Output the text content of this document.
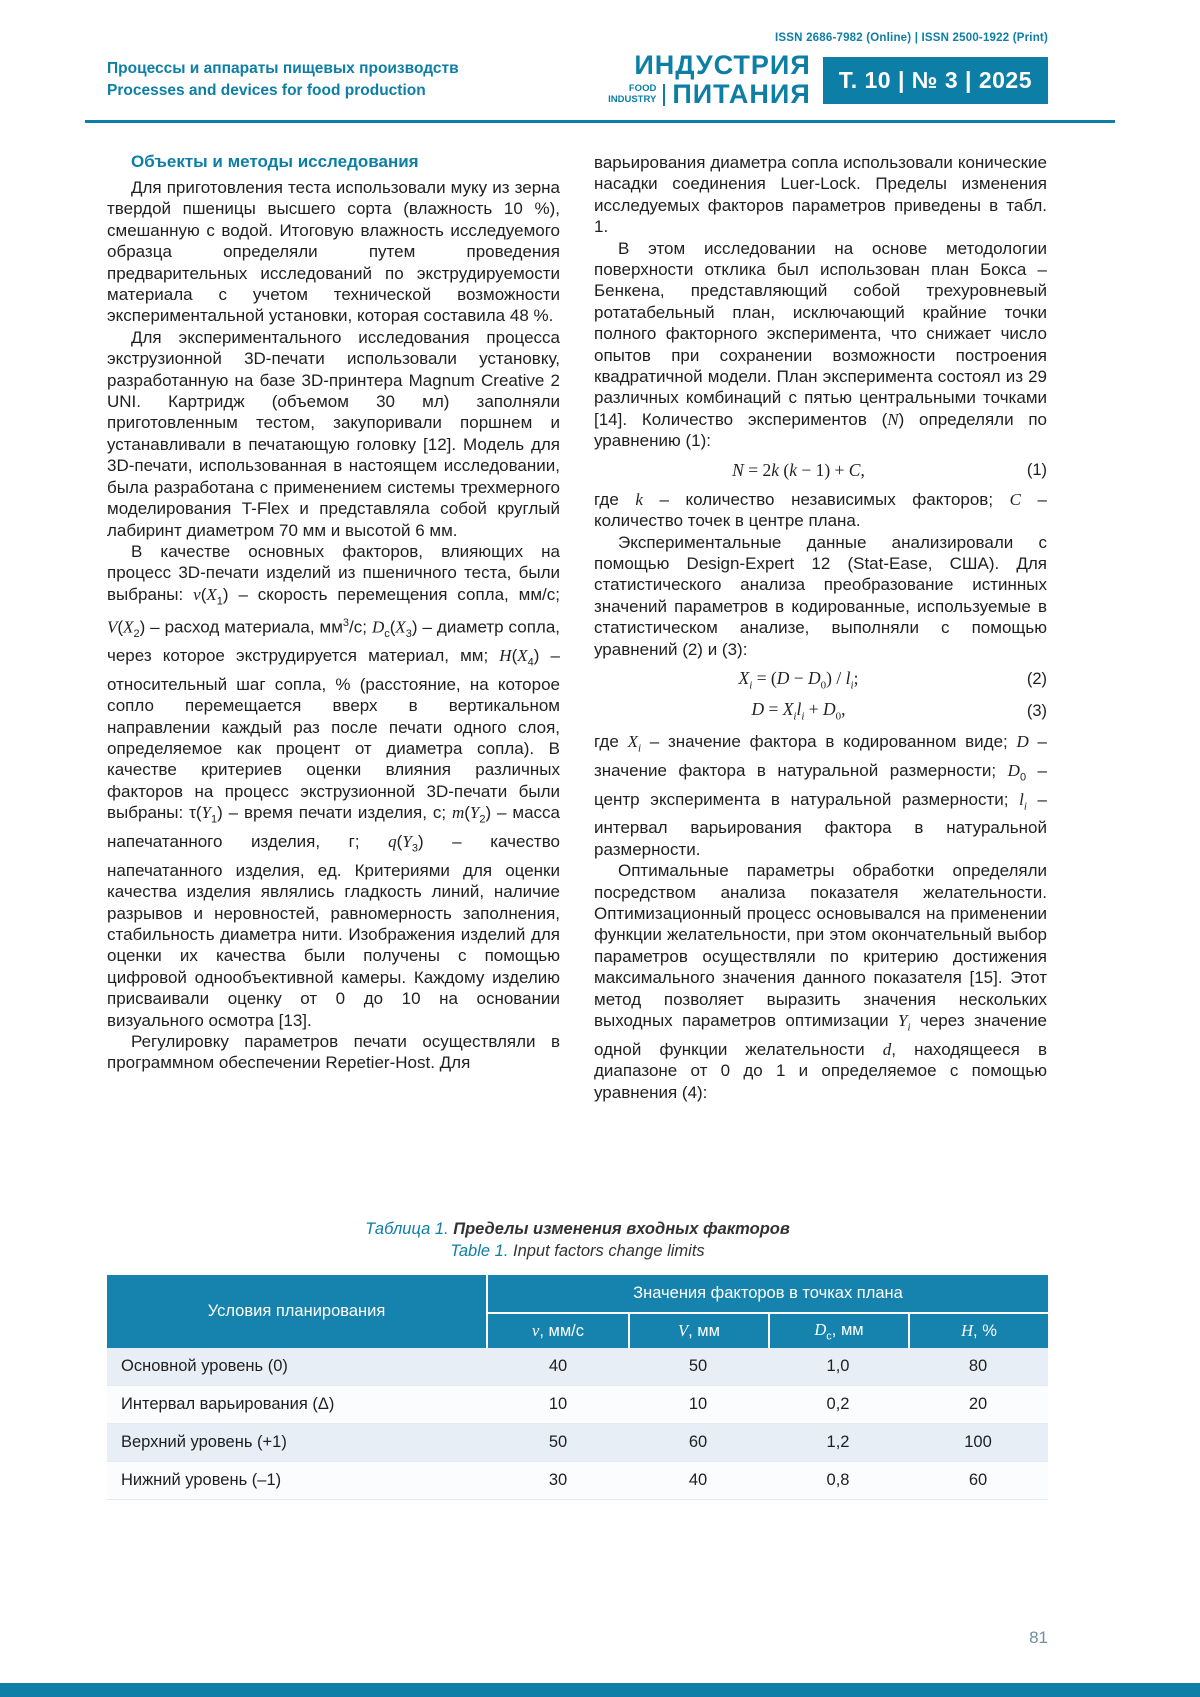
ISSN 2686-7982 (Online) | ISSN 2500-1922 (Print)
Процессы и аппараты пищевых производств
Processes and devices for food production
ИНДУСТРИЯ
FOOD
INDUSTRY ПИТАНИЯ	Т. 10 | № 3 | 2025
Объекты и методы исследования

Для приготовления теста использовали муку из зерна твердой пшеницы высшего сорта (влажность 10 %), смешанную с водой. Итоговую влажность исследуемого образца определяли путем проведения предварительных исследований по экструдируемости материала с учетом технической возможности экспериментальной установки, которая составила 48 %.

Для экспериментального исследования процесса экструзионной 3D-печати использовали установку, разработанную на базе 3D-принтера Magnum Creative 2 UNI. Картридж (объемом 30 мл) заполняли приготовленным тестом, закупоривали поршнем и устанавливали в печатающую головку [12]. Модель для 3D-печати, использованная в настоящем исследовании, была разработана с применением системы трехмерного моделирования T-Flex и представляла собой круглый лабиринт диаметром 70 мм и высотой 6 мм.

В качестве основных факторов, влияющих на процесс 3D-печати изделий из пшеничного теста, были выбраны: $v(X_1)$ – скорость перемещения сопла, мм/с; $V(X_2)$ – расход материала, $мм^3/с$; $D_c(X_3)$ – диаметр сопла, через которое экструдируется материал, мм; $H(X_4)$ – относительный шаг сопла, % (расстояние, на которое сопло перемещается вверх в вертикальном направлении каждый раз после печати одного слоя, определяемое как процент от диаметра сопла). В качестве критериев оценки влияния различных факторов на процесс экструзионной 3D-печати были выбраны: $\tau(Y_1)$ – время печати изделия, с; $m(Y_2)$ – масса напечатанного изделия, г; $q(Y_3)$ – качество напечатанного изделия, ед. Критериями для оценки качества изделия являлись гладкость линий, наличие разрывов и неровностей, равномерность заполнения, стабильность диаметра нити. Изображения изделий для оценки их качества были получены с помощью цифровой однообъективной камеры. Каждому изделию присваивали оценку от 0 до 10 на основании визуального осмотра [13].

Регулировку параметров печати осуществляли в программном обеспечении Repetier-Host. Для

варьирования диаметра сопла использовали конические насадки соединения Luer-Lock. Пределы изменения исследуемых факторов параметров приведены в табл. 1.

В этом исследовании на основе методологии поверхности отклика был использован план Бокса – Бенкена, представляющий собой трехуровневый ротатабельный план, исключающий крайние точки полного факторного эксперимента, что снижает число опытов при сохранении возможности построения квадратичной модели. План эксперимента состоял из 29 различных комбинаций с пятью центральными точками [14]. Количество экспериментов (N) определяли по уравнению (1):

N = 2k (k − 1) + C,	(1)

где k – количество независимых факторов; C – количество точек в центре плана.

Экспериментальные данные анализировали с помощью Design-Expert 12 (Stat-Ease, США). Для статистического анализа преобразование истинных значений параметров в кодированные, используемые в статистическом анализе, выполняли с помощью уравнений (2) и (3):

$X_i = (D - D_0) / l_i$;	(2)
$D = X_il_i + D_0$,	(3)

где $X_i$ – значение фактора в кодированном виде; D – значение фактора в натуральной размерности; $D_0$ – центр эксперимента в натуральной размерности; $l_i$ – интервал варьирования фактора в натуральной размерности.

Оптимальные параметры обработки определяли посредством анализа показателя желательности. Оптимизационный процесс основывался на применении функции желательности, при этом окончательный выбор параметров осуществляли по критерию достижения максимального значения данного показателя [15]. Этот метод позволяет выразить значения нескольких выходных параметров оптимизации $Y_i$ через значение одной функции желательности d, находящееся в диапазоне от 0 до 1 и определяемое с помощью уравнения (4):

Таблица 1. Пределы изменения входных факторов
Table 1. Input factors change limits
Условия планирования	Значения факторов в точках плана			
	v, мм/с	V, мм	$D_c$, мм	H, %
Основной уровень (0)	40	50	1,0	80
Интервал варьирования (Δ)	10	10	0,2	20
Верхний уровень (+1)	50	60	1,2	100
Нижний уровень (–1)	30	40	0,8	60
81
